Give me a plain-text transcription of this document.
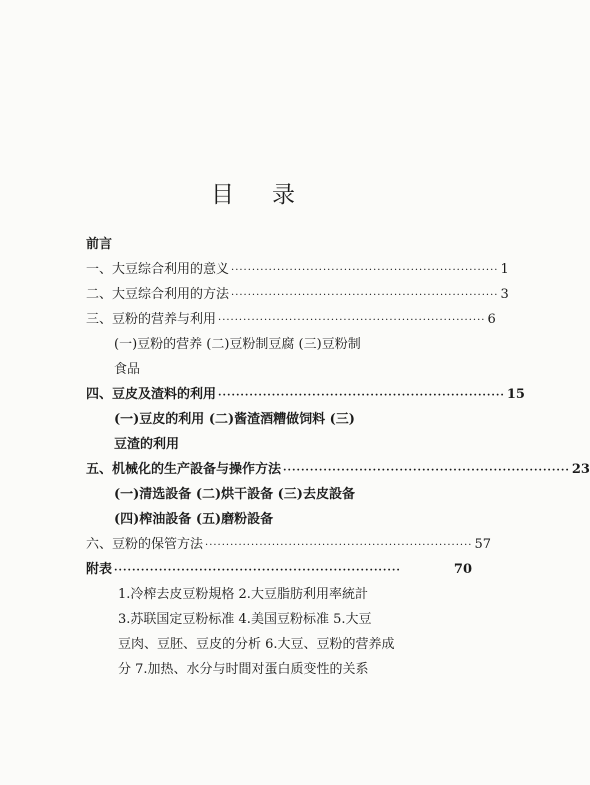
目录
前言
一、大豆综合利用的意义 ································································ 1
二、大豆综合利用的方法 ································································ 3
三、豆粉的营养与利用 ································································ 6
(一)豆粉的营养 (二)豆粉制豆腐 (三)豆粉制
食品
四、豆皮及渣料的利用 ································································ 15
(一)豆皮的利用 (二)酱渣酒糟做饲料 (三)
豆渣的利用
五、机械化的生产設备与操作方法 ································································ 23
(一)清选設备 (二)烘干設备 (三)去皮設备
(四)榨油設备 (五)磨粉設备
六、豆粉的保管方法 ································································ 57
附表 ································································	70
1.冷榨去皮豆粉規格 2.大豆脂肪利用率統計
3.苏联国定豆粉标准 4.美国豆粉标准 5.大豆
豆肉、豆胚、豆皮的分析 6.大豆、豆粉的营养成
分 7.加热、水分与时間对蛋白质变性的关系
